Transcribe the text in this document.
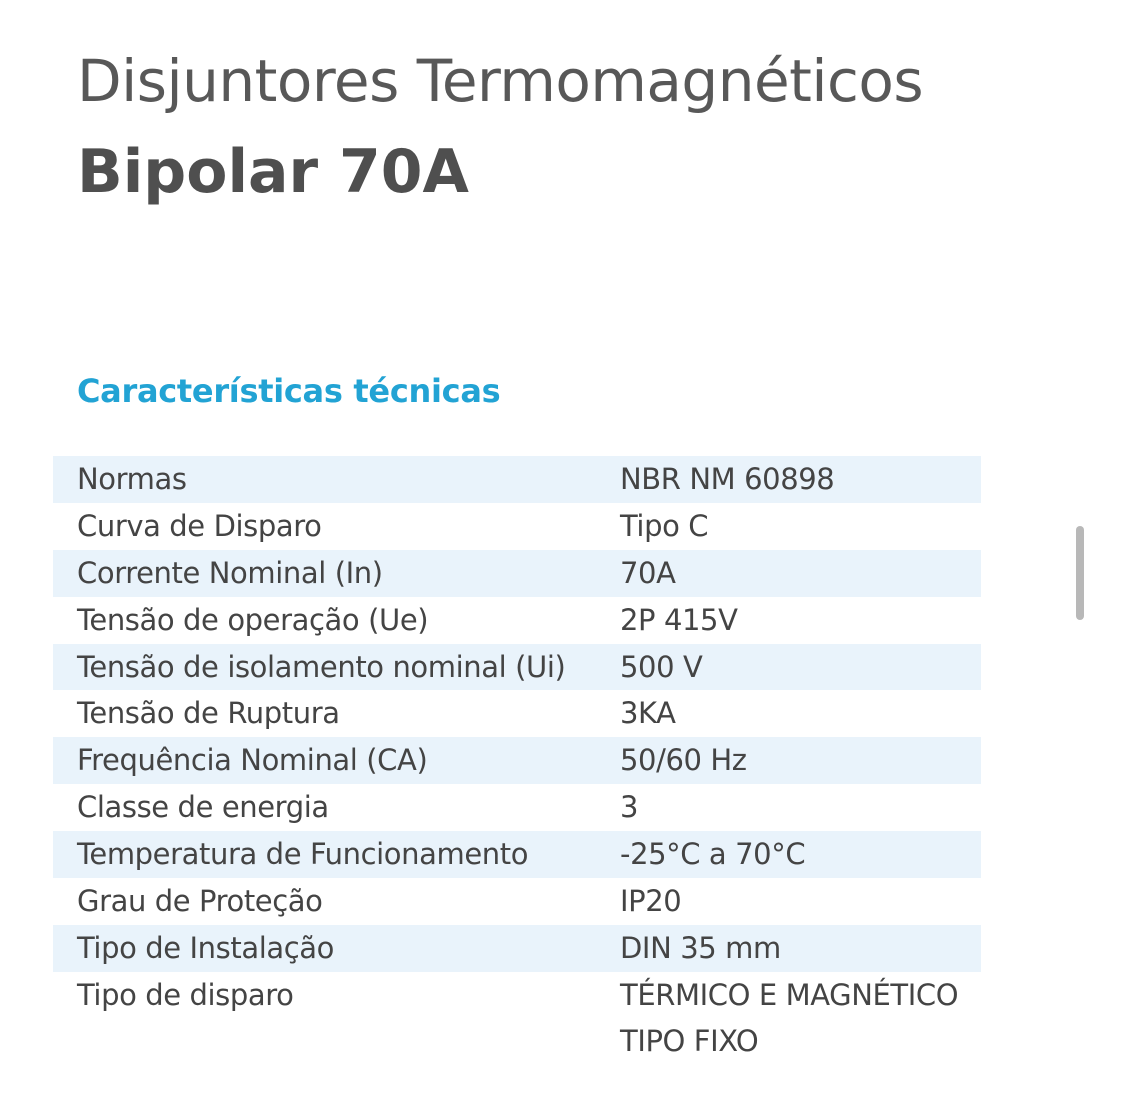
Disjuntores Termomagnéticos
Bipolar 70A
Características técnicas
Normas	NBR NM 60898
Curva de Disparo	Tipo C
Corrente Nominal (In)	70A
Tensão de operação (Ue)	2P 415V
Tensão de isolamento nominal (Ui) 500 V
Tensão de Ruptura	3KA
Frequência Nominal (CA)	50/60 Hz
Classe de energia	3
Temperatura de Funcionamento	-25°C a 70°C
Grau de Proteção	IP20
Tipo de Instalação	DIN 35 mm
Tipo de disparo	TÉRMICO E MAGNÉTICO
TIPO FIXO
